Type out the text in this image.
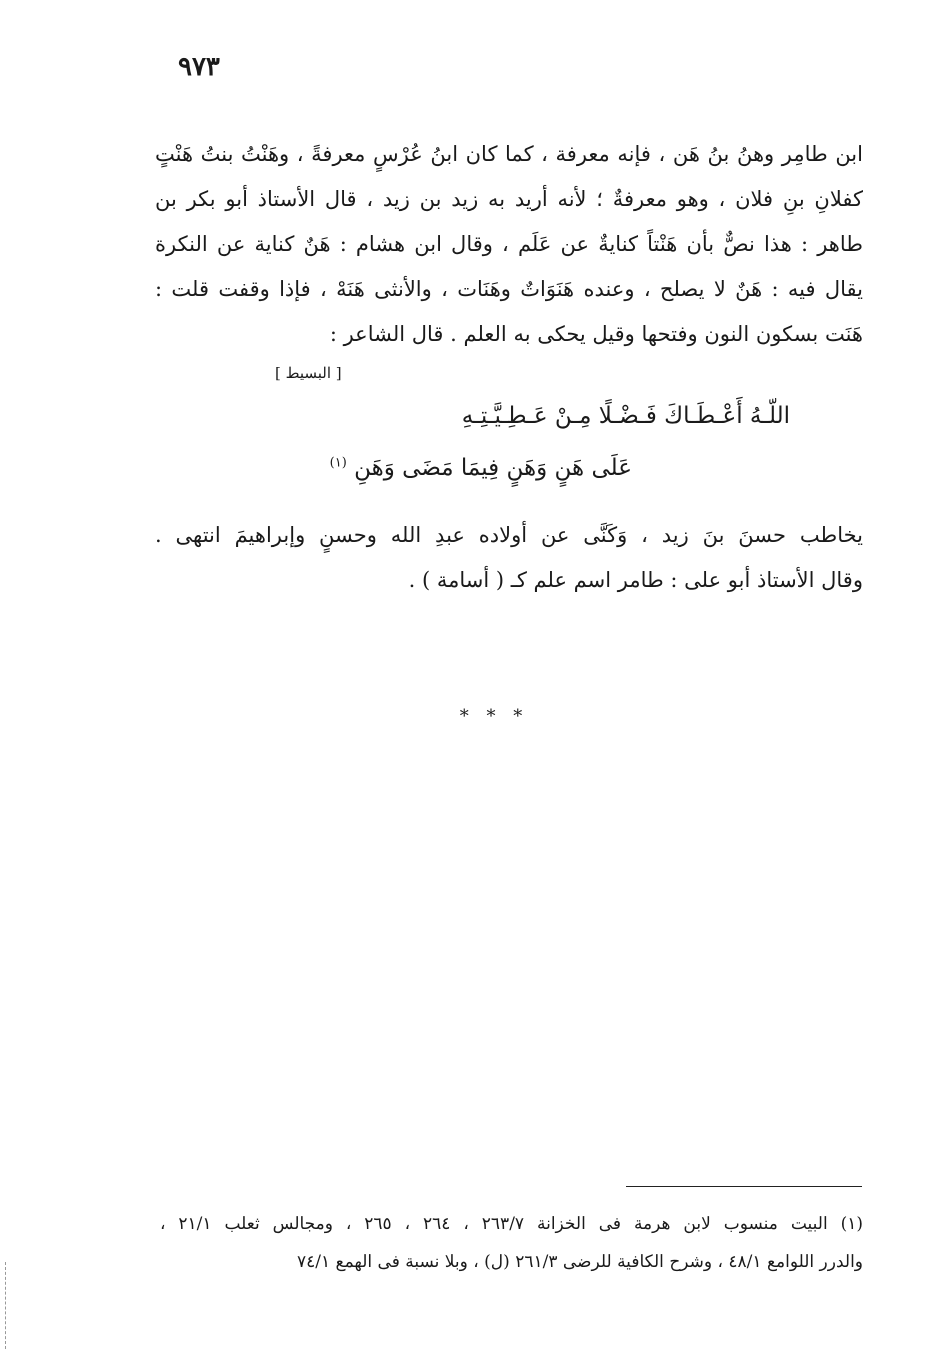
٩٧٣
ابن طامِر وهنُ بنُ هَن ، فإنه معرفة ، كما كان ابنُ عُرْسٍ معرفةً ، وهَنْتُ بنتُ هَنْتٍ
كفلانِ بنِ فلان ، وهو معرفةٌ ؛ لأنه أريد به زيد بن زيد ، قال الأستاذ أبو بكر بن
طاهر : هذا نصٌّ بأن هَنْتاً كنايةٌ عن عَلَم ، وقال ابن هشام : هَنٌ كناية عن النكرة
يقال فيه : هَنٌ لا يصلح ، وعنده هَنَوَاتٌ وهَنَات ، والأنثى هَنَهْ ، فإذا وقفت قلت :
هَنَت بسكون النون وفتحها وقيل يحكى به العلم . قال الشاعر :
[ البسيط ]
اللّـهُ أَعْـطَـاكَ فَـضْـلًا مِـنْ عَـطِـيَّـتِـهِ
عَلَى هَنٍ وَهَنٍ فِيمَا مَضَى وَهَنِ $^{(١)}$
يخاطب حسنَ بنَ زيد ، وَكَنَّى عن أولاده عبدِ الله وحسنٍ وإبراهيمَ انتهى .
وقال الأستاذ أبو على : طامر اسم علم كـ ( أسامة ) .
* * *
(١) البيت منسوب لابن هرمة فى الخزانة ٢٦٣/٧ ، ٢٦٤ ، ٢٦٥ ، ومجالس ثعلب ٢١/١ ،
والدرر اللوامع ٤٨/١ ، وشرح الكافية للرضى ٢٦١/٣ (ل) ، وبلا نسبة فى الهمع ٧٤/١
